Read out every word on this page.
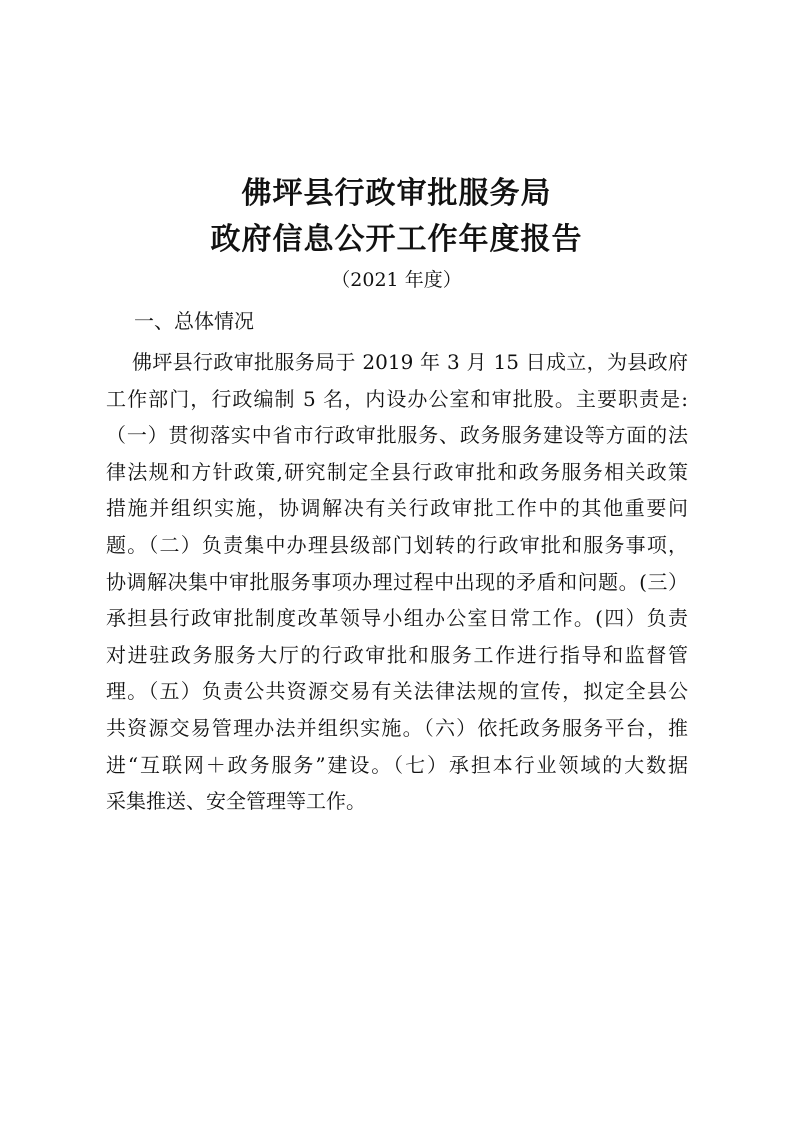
佛坪县行政审批服务局
政府信息公开工作年度报告
（2021 年度）
一、总体情况
佛坪县行政审批服务局于 2019 年 3 月 15 日成立，为县政府
工作部门，行政编制 5 名，内设办公室和审批股。主要职责是:
（一）贯彻落实中省市行政审批服务、政务服务建设等方面的法
律法规和方针政策,研究制定全县行政审批和政务服务相关政策
措施并组织实施，协调解决有关行政审批工作中的其他重要问
题。（二）负责集中办理县级部门划转的行政审批和服务事项，
协调解决集中审批服务事项办理过程中出现的矛盾和问题。(三）
承担县行政审批制度改革领导小组办公室日常工作。(四）负责
对进驻政务服务大厅的行政审批和服务工作进行指导和监督管
理。（五）负责公共资源交易有关法律法规的宣传，拟定全县公
共资源交易管理办法并组织实施。（六）依托政务服务平台，推
进“互联网＋政务服务”建设。（七）承担本行业领域的大数据
采集推送、安全管理等工作。
